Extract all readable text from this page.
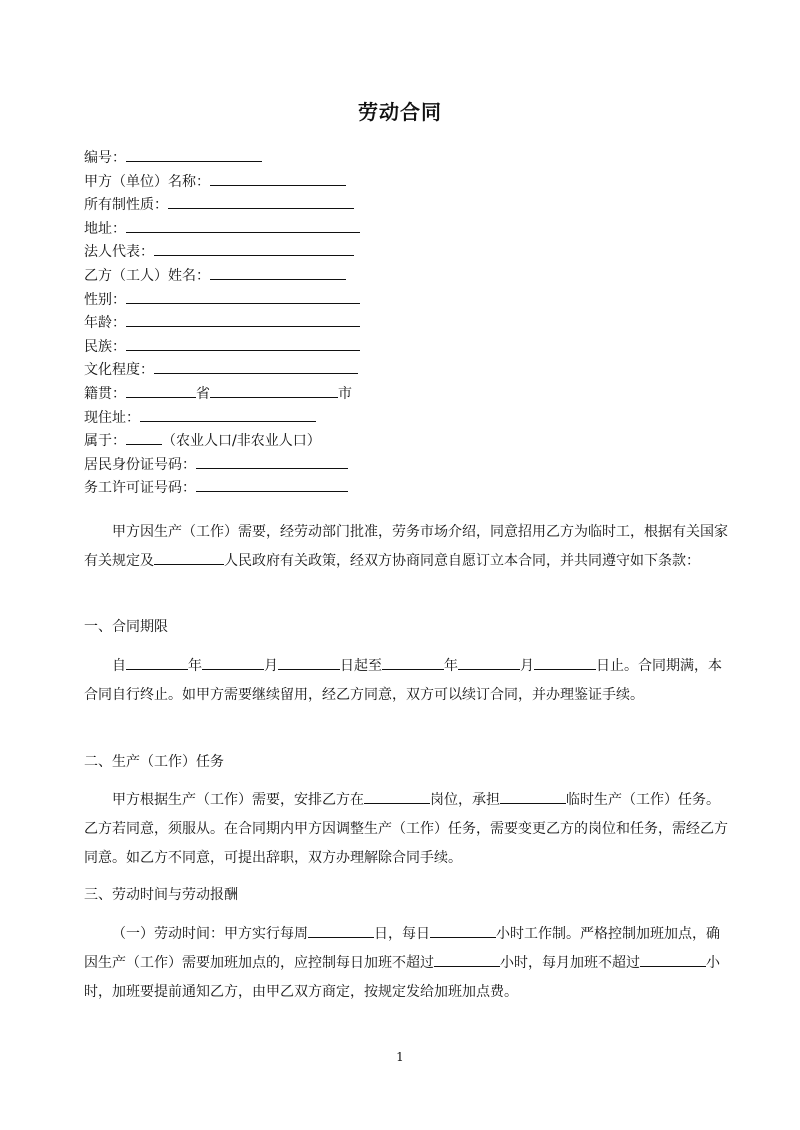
劳动合同
编号：
甲方（单位）名称：
所有制性质：
地址：
法人代表：
乙方（工人）姓名：
性别：
年龄：
民族：
文化程度：
籍贯：	省	市
现住址：
属于：	（农业人口/非农业人口）
居民身份证号码：
务工许可证号码：
甲方因生产（工作）需要，经劳动部门批准，劳务市场介绍，同意招用乙方为临时工，根据有关国家有关规定及	人民政府有关政策，经双方协商同意自愿订立本合同，并共同遵守如下条款：
一、合同期限
自	年	月	日起至	年	月	日止。合同期满，本合同自行终止。如甲方需要继续留用，经乙方同意，双方可以续订合同，并办理鉴证手续。
二、生产（工作）任务
甲方根据生产（工作）需要，安排乙方在	岗位，承担	临时生产（工作）任务。乙方若同意，须服从。在合同期内甲方因调整生产（工作）任务，需要变更乙方的岗位和任务，需经乙方同意。如乙方不同意，可提出辞职，双方办理解除合同手续。
三、劳动时间与劳动报酬
（一）劳动时间：甲方实行每周	日，每日	小时工作制。严格控制加班加点，确因生产（工作）需要加班加点的，应控制每日加班不超过	小时，每月加班不超过	小时，加班要提前通知乙方，由甲乙双方商定，按规定发给加班加点费。
1
